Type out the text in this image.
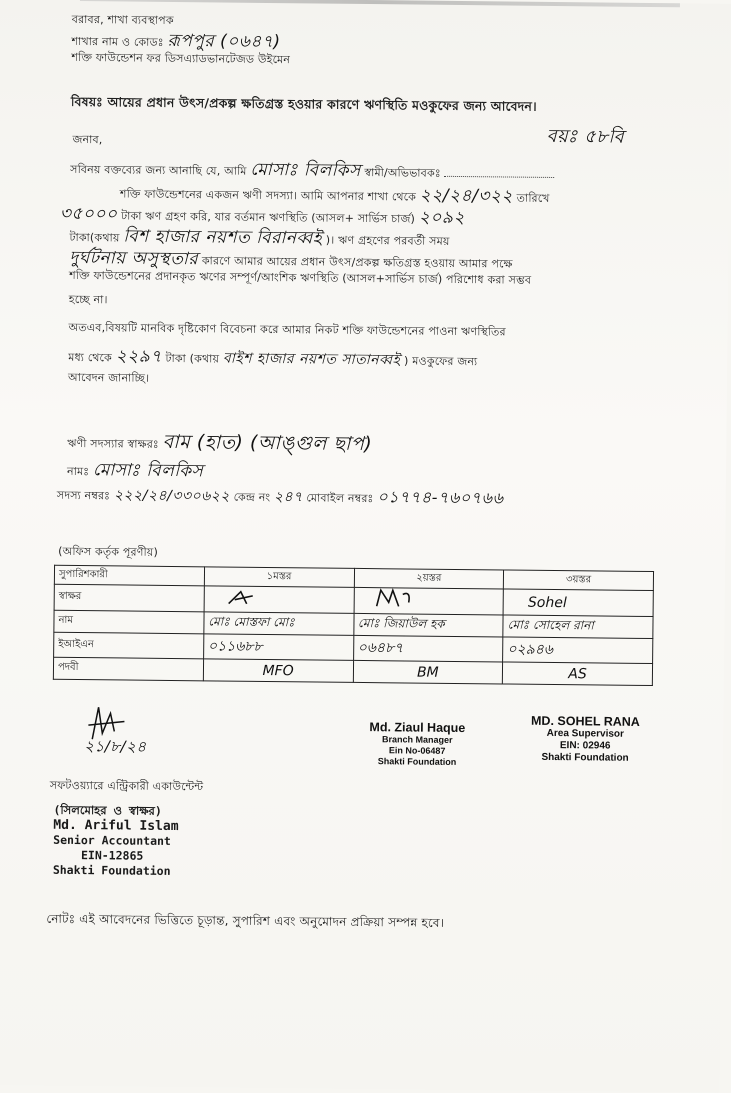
বরাবর, শাখা ব্যবস্থাপক
শাখার নাম ও কোডঃ রূপপুর (০৬৪৭)
শক্তি ফাউন্ডেশন ফর ডিসএ্যাডভানটেজড উইমেন
বিষয়ঃ আয়ের প্রধান উৎস/প্রকল্প ক্ষতিগ্রস্ত হওয়ার কারণে ঋণস্থিতি মওকুফের জন্য আবেদন।
জনাব,	বয়ঃ ৫৮বি
সবিনয় বক্তব্যের জন্য আনাছি যে, আমি মোসাঃ বিলকিস স্বামী/অভিভাবকঃ
শক্তি ফাউন্ডেশনের একজন ঋণী সদস্যা। আমি আপনার শাখা থেকে ২২/২৪/৩২২ তারিখে
৩৫০০০ টাকা ঋণ গ্রহণ করি, যার বর্তমান ঋণস্থিতি (আসল+ সার্ভিস চার্জ) ২০৯২
টাকা(কথায় বিশ হাজার নয়শত বিরানব্বই )। ঋণ গ্রহণের পরবর্তী সময়
দুর্ঘটনায় অসুস্থতার কারণে আমার আয়ের প্রধান উৎস/প্রকল্প ক্ষতিগ্রস্ত হওয়ায় আমার পক্ষে
শক্তি ফাউন্ডেশনের প্রদানকৃত ঋণের সম্পূর্ণ/আংশিক ঋণস্থিতি (আসল+সার্ভিস চার্জ) পরিশোধ করা সম্ভব
হচ্ছে না।
অতএব,বিষয়টি মানবিক দৃষ্টিকোণ বিবেচনা করে আমার নিকট শক্তি ফাউন্ডেশনের পাওনা ঋণস্থিতির
মধ্য থেকে ২২৯৭ টাকা (কথায় বাইশ হাজার নয়শত সাতানব্বই ) মওকুফের জন্য
আবেদন জানাচ্ছি।
ঋণী সদস্যার স্বাক্ষরঃ বাম (হাত) (আঙ্গুল ছাপ)
নামঃ মোসাঃ বিলকিস
সদস্য নম্বরঃ ২২২/২৪/৩৩০৬২২ কেন্দ্র নং ২৪৭ মোবাইল নম্বরঃ ০১৭৭৪-৭৬০৭৬৬
(অফিস কর্তৃক পূরণীয়)
সুপারিশকারী	১মস্তর	২য়স্তর	৩য়স্তর
স্বাক্ষর			Sohel
নাম	মোঃ মোস্তফা মোঃ	মোঃ জিয়াউল হক	মোঃ সোহেল রানা
ইআইএন	০১১৬৮৮	০৬৪৮৭	০২৯৪৬
পদবী	MFO	BM	AS
২১/৮/২৪
Md. Ziaul Haque
Branch Manager
Ein No-06487
Shakti Foundation
MD. SOHEL RANA
Area Supervisor
EIN: 02946
Shakti Foundation
সফটওয়্যারে এন্ট্রিকারী একাউন্টেন্ট
(সিলমোহর ও স্বাক্ষর)
Md. Ariful Islam
Senior Accountant
EIN-12865
Shakti Foundation
নোটঃ এই আবেদনের ভিত্তিতে চূড়ান্ত, সুপারিশ এবং অনুমোদন প্রক্রিয়া সম্পন্ন হবে।
